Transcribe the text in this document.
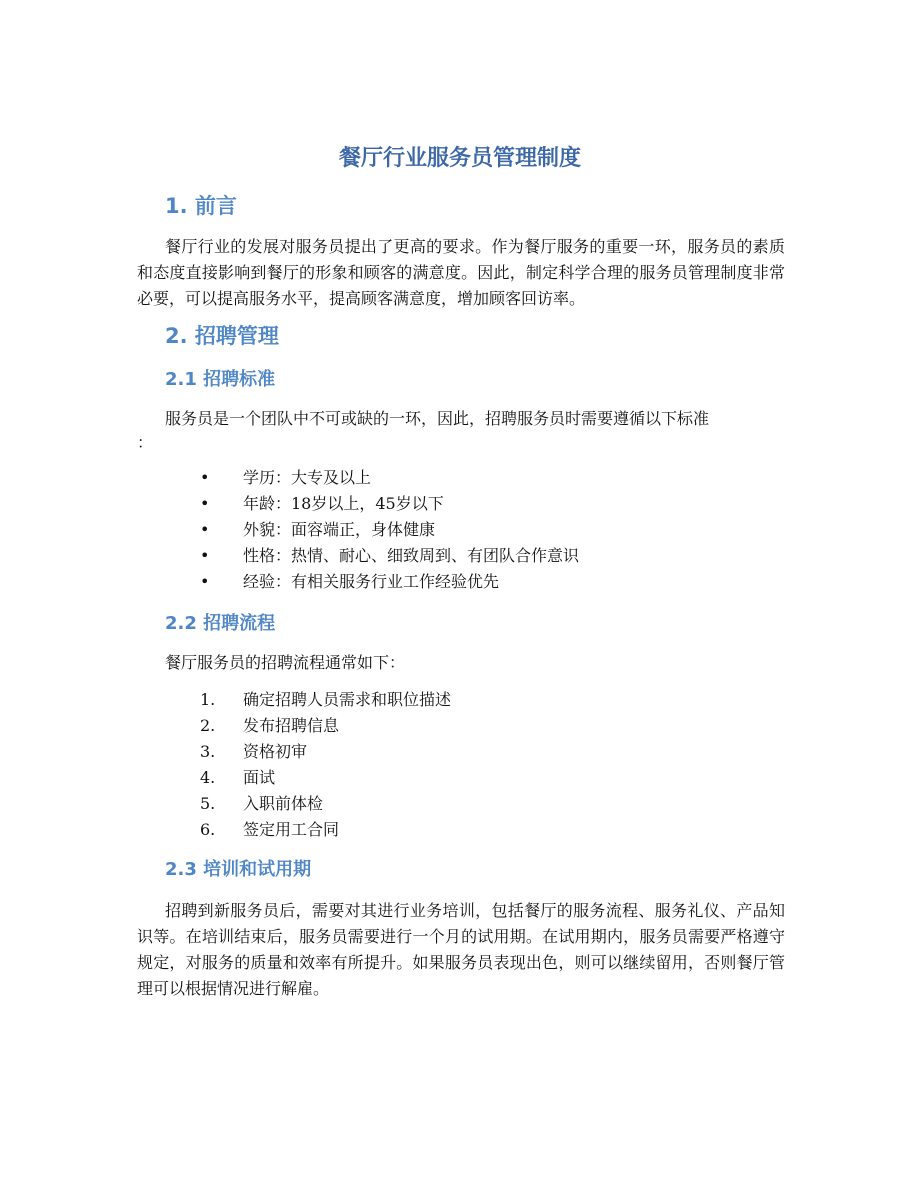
餐厅行业服务员管理制度
1. 前言

餐厅行业的发展对服务员提出了更高的要求。作为餐厅服务的重要一环，服务员的素质和态度直接影响到餐厅的形象和顾客的满意度。因此，制定科学合理的服务员管理制度非常必要，可以提高服务水平，提高顾客满意度，增加顾客回访率。

2. 招聘管理
2.1 招聘标准

服务员是一个团队中不可或缺的一环，因此，招聘服务员时需要遵循以下标准

：

• 学历：大专及以上
• 年龄：18岁以上，45岁以下
• 外貌：面容端正，身体健康
• 性格：热情、耐心、细致周到、有团队合作意识
• 经验：有相关服务行业工作经验优先
2.2 招聘流程

餐厅服务员的招聘流程通常如下：

1.	确定招聘人员需求和职位描述
2.	发布招聘信息
3.	资格初审
4.	面试
5.	入职前体检
6.	签定用工合同
2.3 培训和试用期

招聘到新服务员后，需要对其进行业务培训，包括餐厅的服务流程、服务礼仪、产品知识等。在培训结束后，服务员需要进行一个月的试用期。在试用期内，服务员需要严格遵守规定，对服务的质量和效率有所提升。如果服务员表现出色，则可以继续留用，否则餐厅管理可以根据情况进行解雇。
